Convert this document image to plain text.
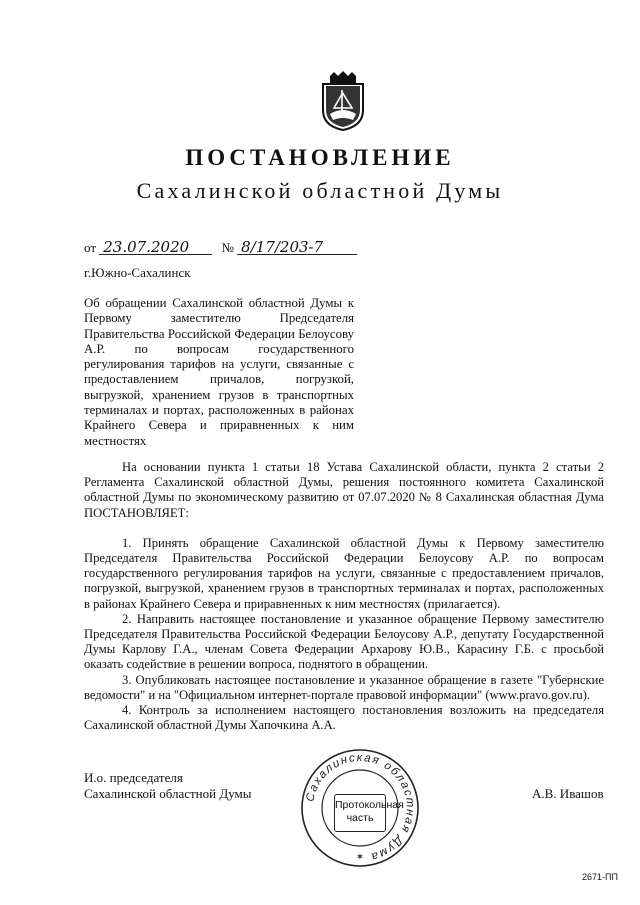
ПОСТАНОВЛЕНИЕ
Сахалинской областной Думы
от 23.07.2020 № 8/17/203-7
г.Южно-Сахалинск
Об обращении Сахалинской областной Думы к Первому заместителю Председателя Правительства Российской Федерации Белоусову А.Р. по вопросам государственного регулирования тарифов на услуги, связанные с предоставлением причалов, погрузкой, выгрузкой, хранением грузов в транспортных терминалах и портах, расположенных в районах Крайнего Севера и приравненных к ним местностях

На основании пункта 1 статьи 18 Устава Сахалинской области, пункта 2 статьи 2 Регламента Сахалинской областной Думы, решения постоянного комитета Сахалинской областной Думы по экономическому развитию от 07.07.2020 № 8 Сахалинская областная Дума ПОСТАНОВЛЯЕТ:

1. Принять обращение Сахалинской областной Думы к Первому заместителю Председателя Правительства Российской Федерации Белоусову А.Р. по вопросам государственного регулирования тарифов на услуги, связанные с предоставлением причалов, погрузкой, выгрузкой, хранением грузов в транспортных терминалах и портах, расположенных в районах Крайнего Севера и приравненных к ним местностях (прилагается).

2. Направить настоящее постановление и указанное обращение Первому заместителю Председателя Правительства Российской Федерации Белоусову А.Р., депутату Государственной Думы Карлову Г.А., членам Совета Федерации Архарову Ю.В., Карасину Г.Б. с просьбой оказать содействие в решении вопроса, поднятого в обращении.

3. Опубликовать настоящее постановление и указанное обращение в газете "Губернские ведомости" и на "Официальном интернет-портале правовой информации" (www.pravo.gov.ru).

4. Контроль за исполнением настоящего постановления возложить на председателя Сахалинской областной Думы Хапочкина А.А.

И.о. председателя
Сахалинской областной Думы	А.В. Ивашов
Сахалинская областная Дума
✶
Протокольная
часть
2671-ПП
